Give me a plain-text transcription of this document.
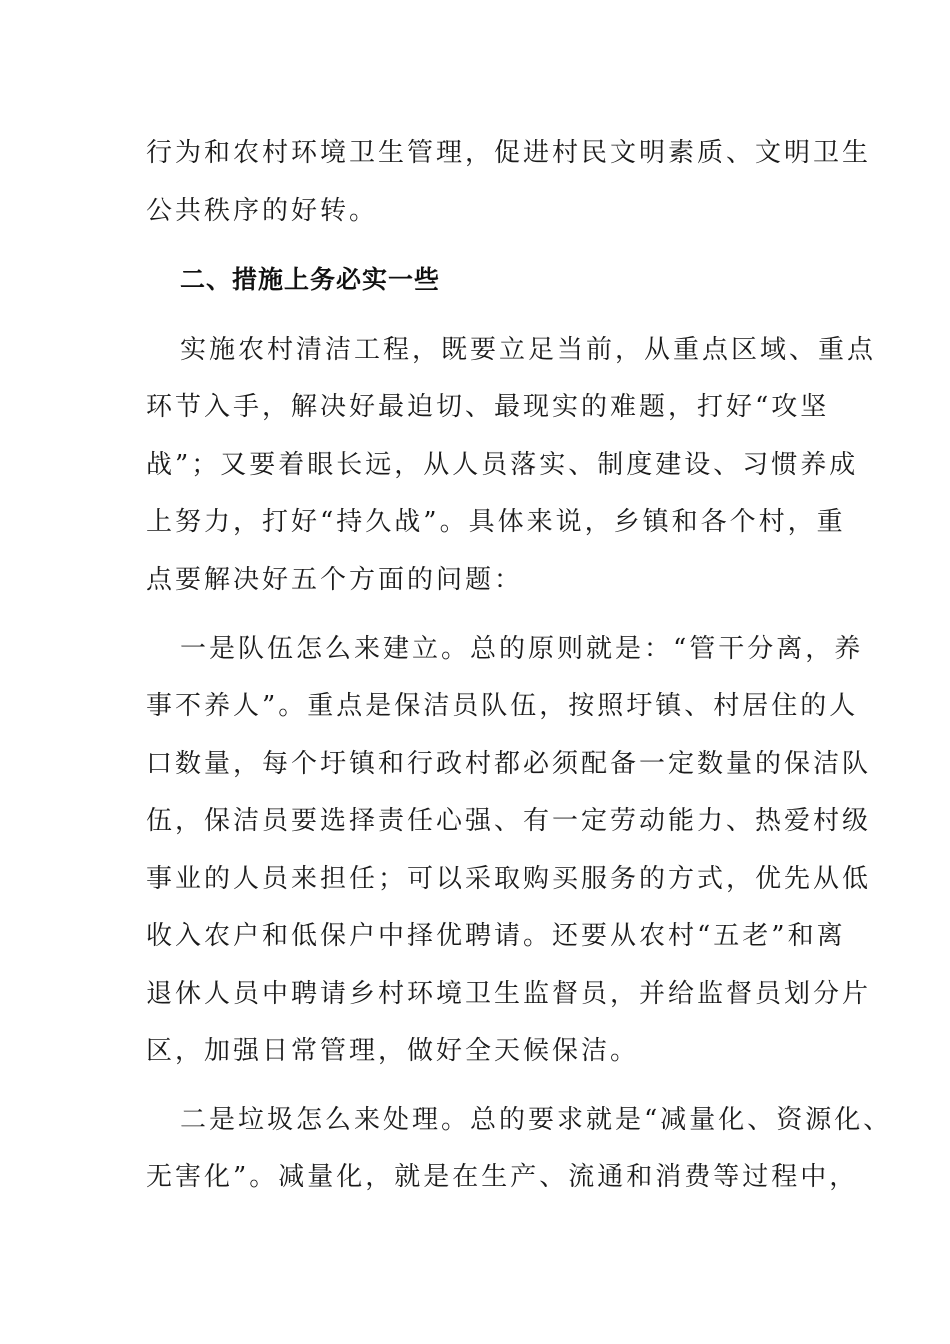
行为和农村环境卫生管理，促进村民文明素质、文明卫生
公共秩序的好转。
二、措施上务必实一些
实施农村清洁工程，既要立足当前，从重点区域、重点
环节入手，解决好最迫切、最现实的难题，打好“攻坚
战”；又要着眼长远，从人员落实、制度建设、习惯养成
上努力，打好“持久战”。具体来说，乡镇和各个村，重
点要解决好五个方面的问题：
一是队伍怎么来建立。总的原则就是：“管干分离，养
事不养人”。重点是保洁员队伍，按照圩镇、村居住的人
口数量，每个圩镇和行政村都必须配备一定数量的保洁队
伍，保洁员要选择责任心强、有一定劳动能力、热爱村级
事业的人员来担任；可以采取购买服务的方式，优先从低
收入农户和低保户中择优聘请。还要从农村“五老”和离
退休人员中聘请乡村环境卫生监督员，并给监督员划分片
区，加强日常管理，做好全天候保洁。
二是垃圾怎么来处理。总的要求就是“减量化、资源化、
无害化”。减量化，就是在生产、流通和消费等过程中，
